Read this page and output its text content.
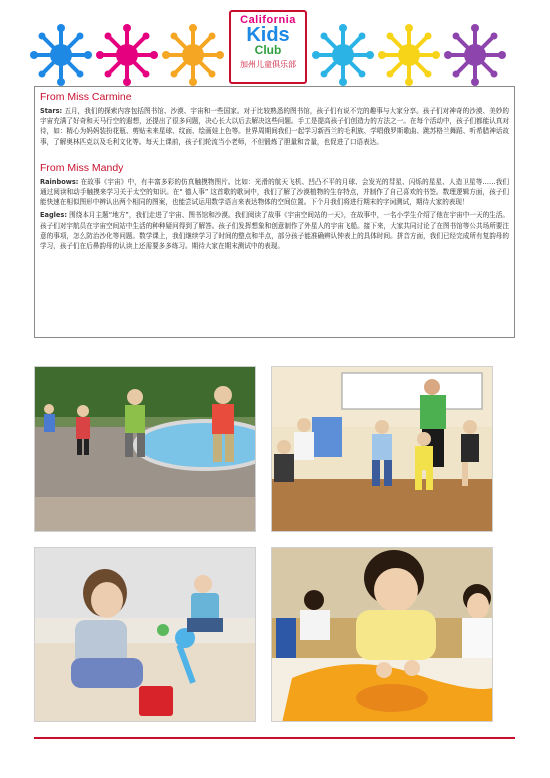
California
Kids
Club
加州儿童俱乐部
From Miss Carmine

Stars: 五月，我们的探索内容包括图书馆、沙漠、宇宙和一些国家。对于比较熟悉的图书馆，孩子们有说不完的趣事与大家分享。孩子们对神奇的沙漠、美妙的宇宙充满了好奇和天马行空的遐想，还提出了很多问题，决心长大以后去解决这些问题。手工是提高孩子们创造力的方法之一。在每个活动中，孩子们都能认真对待，如：精心为妈妈装扮花瓶、剪贴未来星球、纹面、绘画娃上色等。世界周期间我们一起学习新西兰的毛利族、学唱俄罗斯歌曲、跳苏格兰舞蹈、听希腊神话故事，了解奥林匹克以及毛利文化等。每天上课前，孩子们轮流当小老师，不但锻炼了胆量和音量，也促进了口语表达。

From Miss Mandy

Rainbows: 在故事《宇宙》中，有丰富多彩的仿真触摸物图片。比如：光滑的航天飞机、凹凸不平的月球、会发光的彗星、闪烁的星星、人造卫星等……我们通过阅读和动手触摸来学习关于太空的知识。在“ 德人事” 这首歌的歌词中，我们了解了沙漠植物的生存特点，并制作了自己喜欢的书签。数理逻辑方面，孩子们能快速在相似图形中辨认出两个相同的图案，也能尝试运用数学语言来表达物体的空间位置。下个月我们将进行期末的字词测试，期待大家的表现！

Eagles: 围绕本月主题“地方”，我们走进了宇宙、图书馆和沙漠。我们阅读了故事《宇宙空间站的一天》，在故事中，一名小学生介绍了他在宇宙中一天的生活。孩子们对宇航员在宇宙空间站中生活的种种疑问得到了解答。孩子们发挥想象和创意制作了外星人的宇宙飞船。接下来，大家共同讨论了在图书馆等公共场所要注意的事项，怎么防治沙化等问题。数学课上，我们继续学习了时间的整点和半点，部分孩子能准确辨认钟表上的具体时间。拼音方面，我们已经完成所有复韵母的学习，孩子们在后鼻韵母的认读上还需要多多练习。期待大家在期末测试中的表现。
